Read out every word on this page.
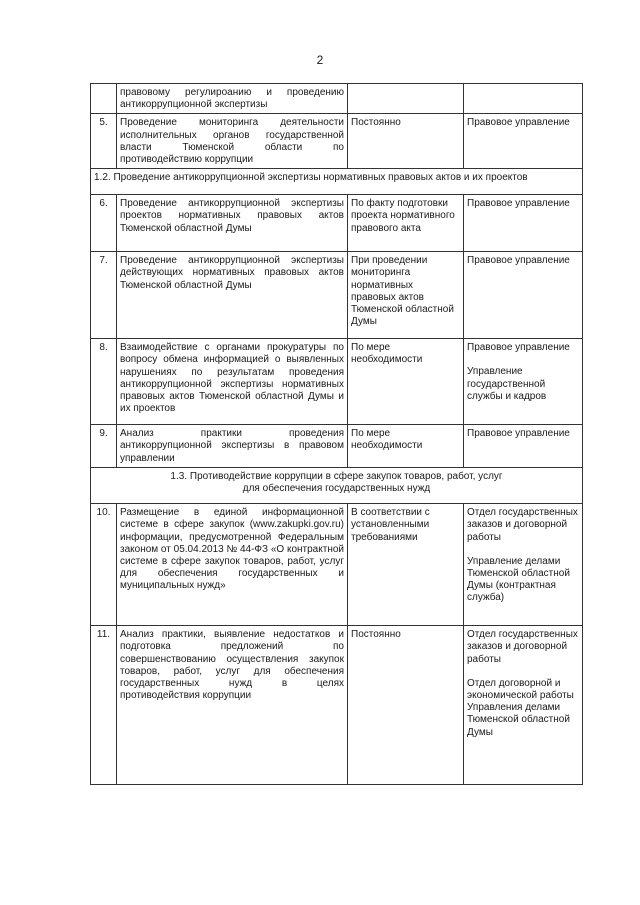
2

	правовому регулироанию и проведению антикоррупционной экспертизы		

5.	Проведение мониторинга деятельности исполнительных органов государственной власти Тюменской области по противодействию коррупции	Постоянно	Правовое управление

1.2. Проведение антикоррупционной экспертизы нормативных правовых актов и их проектов			

6.	Проведение антикоррупционной экспертизы проектов нормативных правовых актов Тюменской областной Думы	По факту подготовки проекта нормативного правового акта	Правовое управление

7.	Проведение антикоррупционной экспертизы действующих нормативных правовых актов Тюменской областной Думы	При проведении мониторинга нормативных правовых актов Тюменской областной Думы	Правовое управление

8.	Взаимодействие с органами прокуратуры по вопросу обмена информацией о выявленных нарушениях по результатам проведения антикоррупционной экспертизы нормативных правовых актов Тюменской областной Думы и их проектов	По мере необходимости	Правовое управление
Управление государственной службы и кадров

9.	Анализ практики проведения антикоррупционной экспертизы в правовом управлении	По мере необходимости	Правовое управление

1.3. Противодействие коррупции в сфере закупок товаров, работ, услуг
для обеспечения государственных нужд			

10.	Размещение в единой информационной системе в сфере закупок (www.zakupki.gov.ru) информации, предусмотренной Федеральным законом от 05.04.2013 № 44-ФЗ «О контрактной системе в сфере закупок товаров, работ, услуг для обеспечения государственных и муниципальных нужд»	В соответствии с установленными требованиями	Отдел государственных заказов и договорной работы
Управление делами Тюменской областной Думы (контрактная служба)

11.	Анализ практики, выявление недостатков и подготовка предложений по совершенствованию осуществления закупок товаров, работ, услуг для обеспечения государственных нужд в целях противодействия коррупции	Постоянно	Отдел государственных заказов и договорной работы
Отдел договорной и экономической работы Управления делами Тюменской областной Думы
